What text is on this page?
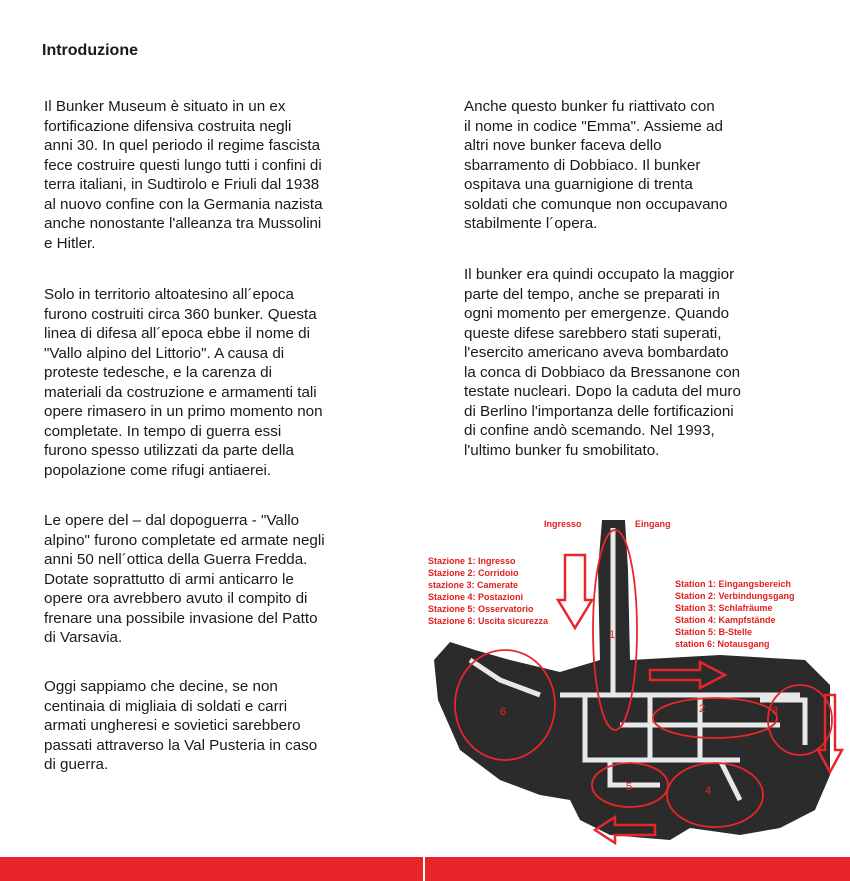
Introduzione

Il Bunker Museum è situato in un ex
fortificazione difensiva costruita negli
anni 30. In quel periodo il regime fascista
fece costruire questi lungo tutti i confini di
terra italiani, in Sudtirolo e Friuli dal 1938
al nuovo confine con la Germania nazista
anche nonostante l'alleanza tra Mussolini
e Hitler.

Solo in territorio altoatesino all´epoca
furono costruiti circa 360 bunker. Questa
linea di difesa all´epoca ebbe il nome di
"Vallo alpino del Littorio". A causa di
proteste tedesche, e la carenza di
materiali da costruzione e armamenti tali
opere rimasero in un primo momento non
completate. In tempo di guerra essi
furono spesso utilizzati da parte della
popolazione come rifugi antiaerei.

Le opere del – dal dopoguerra - "Vallo
alpino" furono completate ed armate negli
anni 50 nell´ottica della Guerra Fredda.
Dotate soprattutto di armi anticarro le
opere ora avrebbero avuto il compito di
frenare una possibile invasione del Patto
di Varsavia.

Oggi sappiamo che decine, se non
centinaia di migliaia di soldati e carri
armati ungheresi e sovietici sarebbero
passati attraverso la Val Pusteria in caso
di guerra.

Anche questo bunker fu riattivato con
il nome in codice "Emma". Assieme ad
altri nove bunker faceva dello
sbarramento di Dobbiaco. Il bunker
ospitava una guarnigione di trenta
soldati che comunque non occupavano
stabilmente l´opera.

Il bunker era quindi occupato la maggior
parte del tempo, anche se preparati in
ogni momento per emergenze. Quando
queste difese sarebbero stati superati,
l'esercito americano aveva bombardato
la conca di Dobbiaco da Bressanone con
testate nucleari. Dopo la caduta del muro
di Berlino l'importanza delle fortificazioni
di confine andò scemando. Nel 1993,
l'ultimo bunker fu smobilitato.

1
2	3
4
5
6
Ingresso	Eingang
Stazione 1: Ingresso
Stazione 2: Corridoio
stazione 3: Camerate
Stazione 4: Postazioni
Stazione 5: Osservatorio
Stazione 6: Uscita sicurezza
Station 1: Eingangsbereich
Station 2: Verbindungsgang
Station 3: Schlafräume
Station 4: Kampfstände
Station 5: B-Stelle
station 6: Notausgang
